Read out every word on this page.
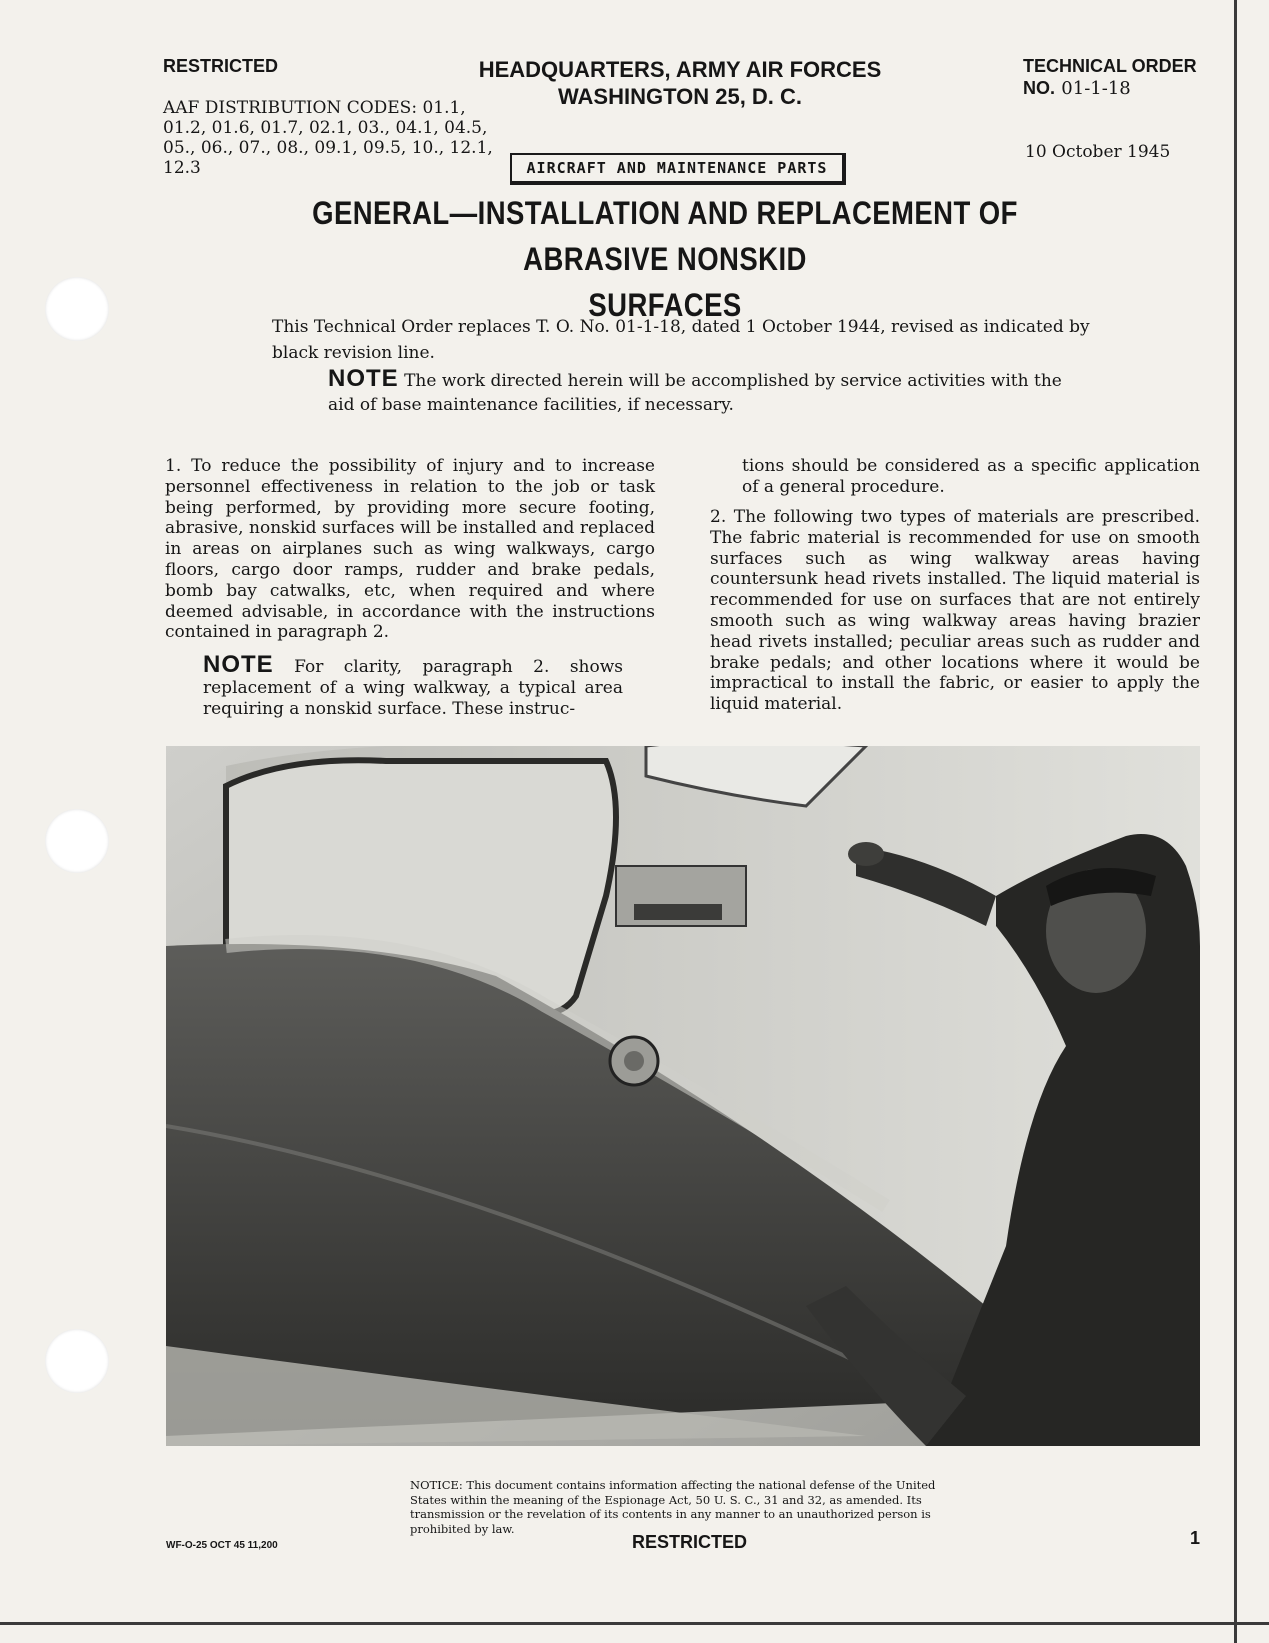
RESTRICTED	HEADQUARTERS, ARMY AIR FORCES
WASHINGTON 25, D. C.
TECHNICAL ORDER
NO. 01-1-18
AAF DISTRIBUTION CODES: 01.1, 01.2, 01.6, 01.7, 02.1, 03., 04.1, 04.5, 05., 06., 07., 08., 09.1, 09.5, 10., 12.1, 12.3	AIRCRAFT AND MAINTENANCE PARTS
10 October 1945
GENERAL—INSTALLATION AND REPLACEMENT OF ABRASIVE NONSKID
SURFACES
This Technical Order replaces T. O. No. 01-1-18, dated 1 October 1944, revised as indicated by black revision line.
NOTE The work directed herein will be accomplished by service activities with the aid of base maintenance facilities, if necessary.
1. To reduce the possibility of injury and to increase personnel effectiveness in relation to the job or task being performed, by providing more secure footing, abrasive, nonskid surfaces will be installed and replaced in areas on airplanes such as wing walkways, cargo floors, cargo door ramps, rudder and brake pedals, bomb bay catwalks, etc, when required and where deemed advisable, in accordance with the instructions contained in paragraph 2.
NOTE For clarity, paragraph 2. shows replacement of a wing walkway, a typical area requiring a nonskid surface. These instruc-
tions should be considered as a specific application of a general procedure.
2. The following two types of materials are prescribed. The fabric material is recommended for use on smooth surfaces such as wing walkway areas having countersunk head rivets installed. The liquid material is recommended for use on surfaces that are not entirely smooth such as wing walkway areas having brazier head rivets installed; peculiar areas such as rudder and brake pedals; and other locations where it would be impractical to install the fabric, or easier to apply the liquid material.
NOTICE: This document contains information affecting the national defense of the United States within the meaning of the Espionage Act, 50 U. S. C., 31 and 32, as amended. Its transmission or the revelation of its contents in any manner to an unauthorized person is prohibited by law.
WF-O-25 OCT 45 11,200	RESTRICTED	1
